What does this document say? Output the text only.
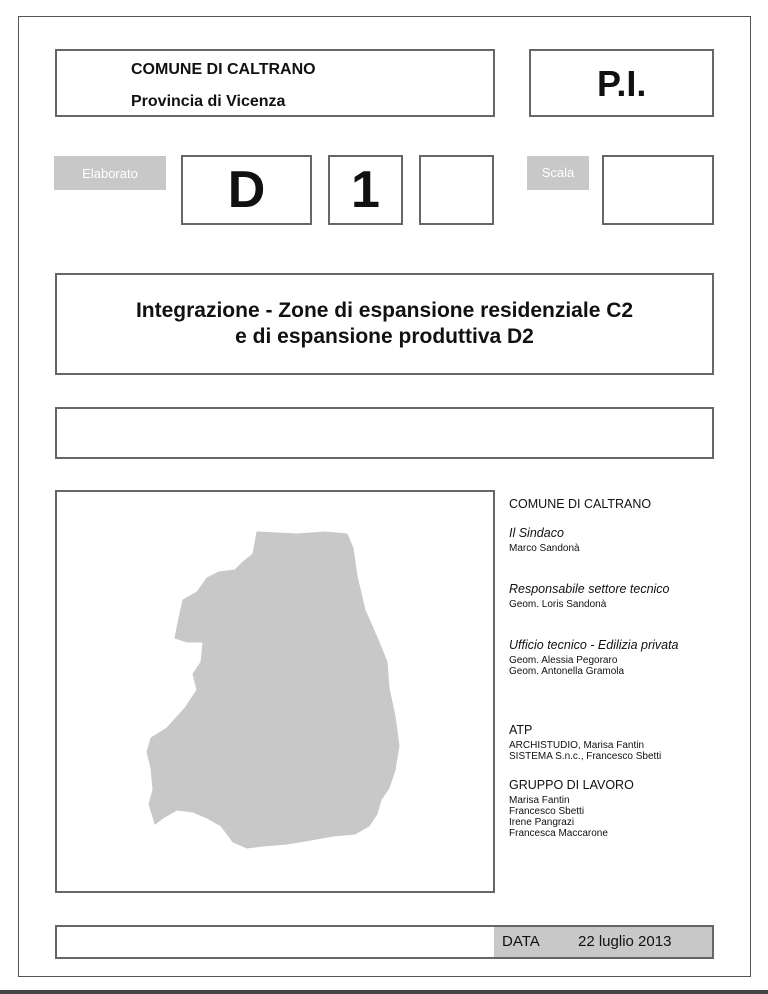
COMUNE DI CALTRANO
Provincia di Vicenza	P.I.
Elaborato	D	1	Scala
Integrazione - Zone di espansione residenziale C2
e di espansione produttiva D2
COMUNE DI CALTRANO
Il Sindaco
Marco Sandonà
Responsabile settore tecnico
Geom. Loris Sandonà
Ufficio tecnico - Edilizia privata
Geom. Alessia Pegoraro
Geom. Antonella Gramola
ATP
ARCHISTUDIO, Marisa Fantin
SISTEMA S.n.c., Francesco Sbetti
GRUPPO DI LAVORO
Marisa Fantin
Francesco Sbetti
Irene Pangrazi
Francesca Maccarone
DATA	22 luglio 2013
